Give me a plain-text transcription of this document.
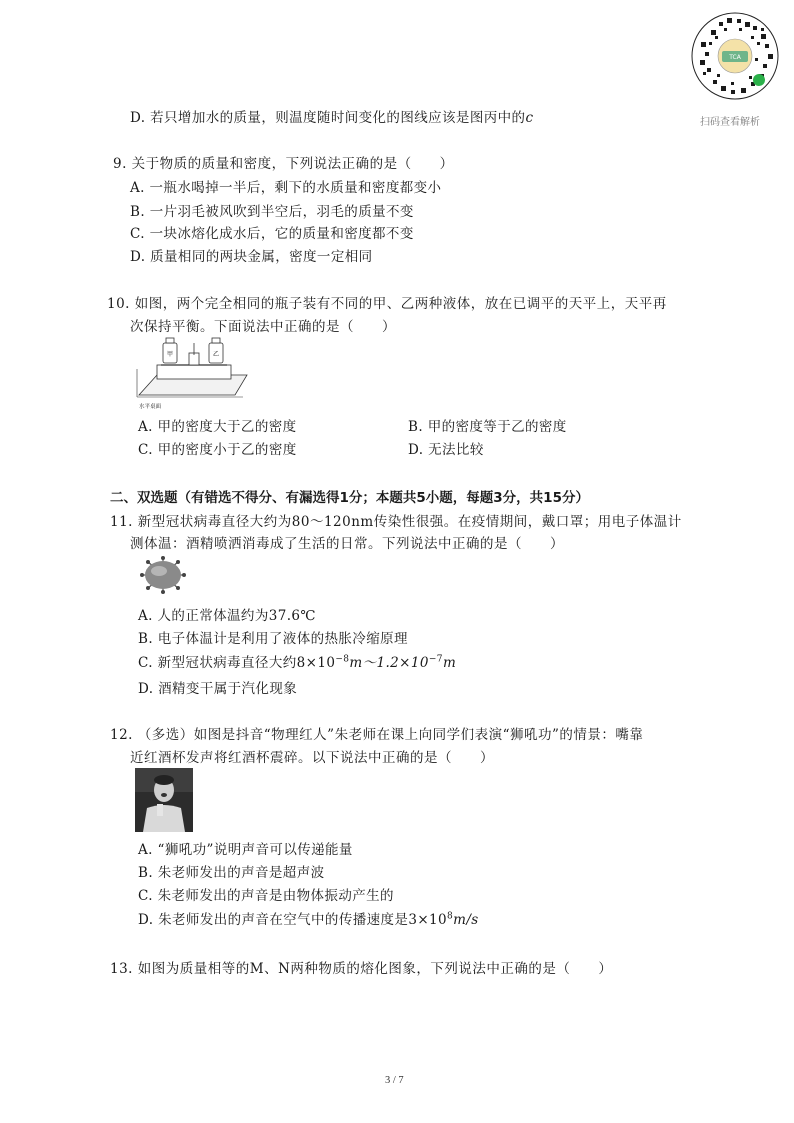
TCA
扫码查看解析
D. 若只增加水的质量，则温度随时间变化的图线应该是图丙中的c
9. 关于物质的质量和密度，下列说法正确的是（　　）
A. 一瓶水喝掉一半后，剩下的水质量和密度都变小
B. 一片羽毛被风吹到半空后，羽毛的质量不变
C. 一块冰熔化成水后，它的质量和密度都不变
D. 质量相同的两块金属，密度一定相同
10. 如图，两个完全相同的瓶子装有不同的甲、乙两种液体，放在已调平的天平上，天平再
次保持平衡。下面说法中正确的是（　　）
甲	乙
水平桌面
A. 甲的密度大于乙的密度	B. 甲的密度等于乙的密度
C. 甲的密度小于乙的密度	D. 无法比较
二、双选题（有错选不得分、有漏选得1分；本题共5小题，每题3分，共15分）
11. 新型冠状病毒直径大约为80～120nm传染性很强。在疫情期间，戴口罩；用电子体温计
测体温：酒精喷洒消毒成了生活的日常。下列说法中正确的是（　　）
A. 人的正常体温约为37.6℃
B. 电子体温计是利用了液体的热胀冷缩原理
C. 新型冠状病毒直径大约$8\times 10^{-8}m\sim 1.2\times 10^{-7}m$
D. 酒精变干属于汽化现象
12. （多选）如图是抖音“物理红人”朱老师在课上向同学们表演“狮吼功”的情景：嘴靠
近红酒杯发声将红酒杯震碎。以下说法中正确的是（　　）
A. “狮吼功”说明声音可以传递能量
B. 朱老师发出的声音是超声波
C. 朱老师发出的声音是由物体振动产生的
D. 朱老师发出的声音在空气中的传播速度是$3\times 10^8m/s$
13. 如图为质量相等的M、N两种物质的熔化图象，下列说法中正确的是（　　）
3 / 7
